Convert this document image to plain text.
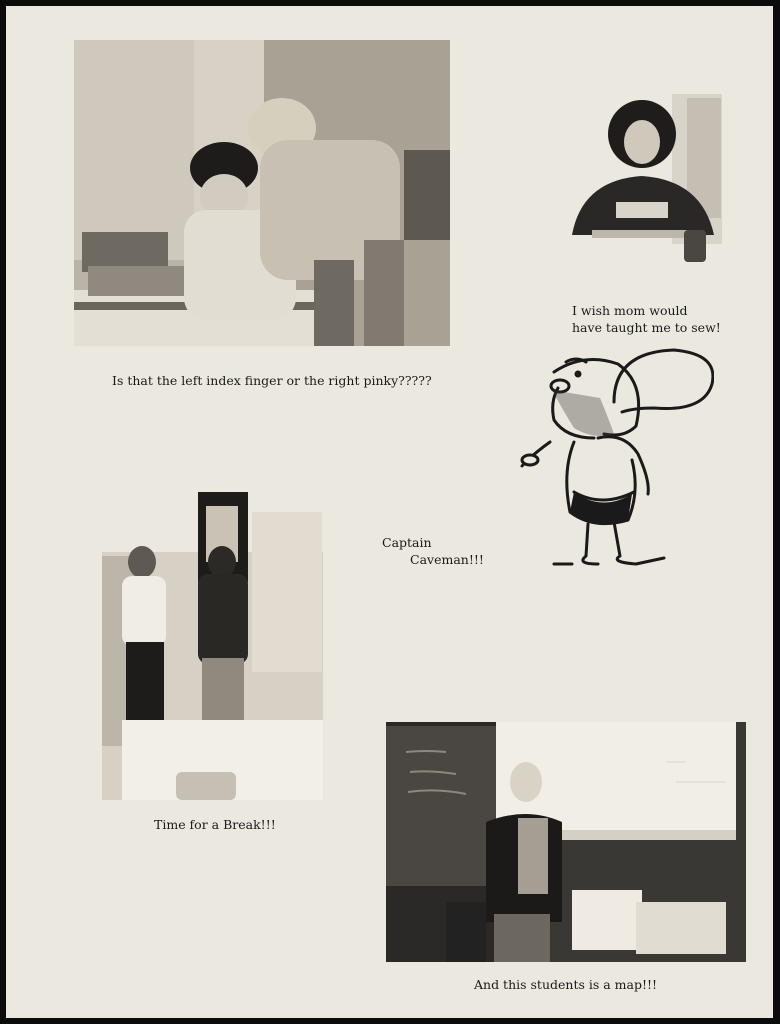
I wish mom would
have taught me to sew!
Is that the left index finger or the right pinky?????
Captain
Caveman!!!
Time for a Break!!!
And this students is a map!!!
